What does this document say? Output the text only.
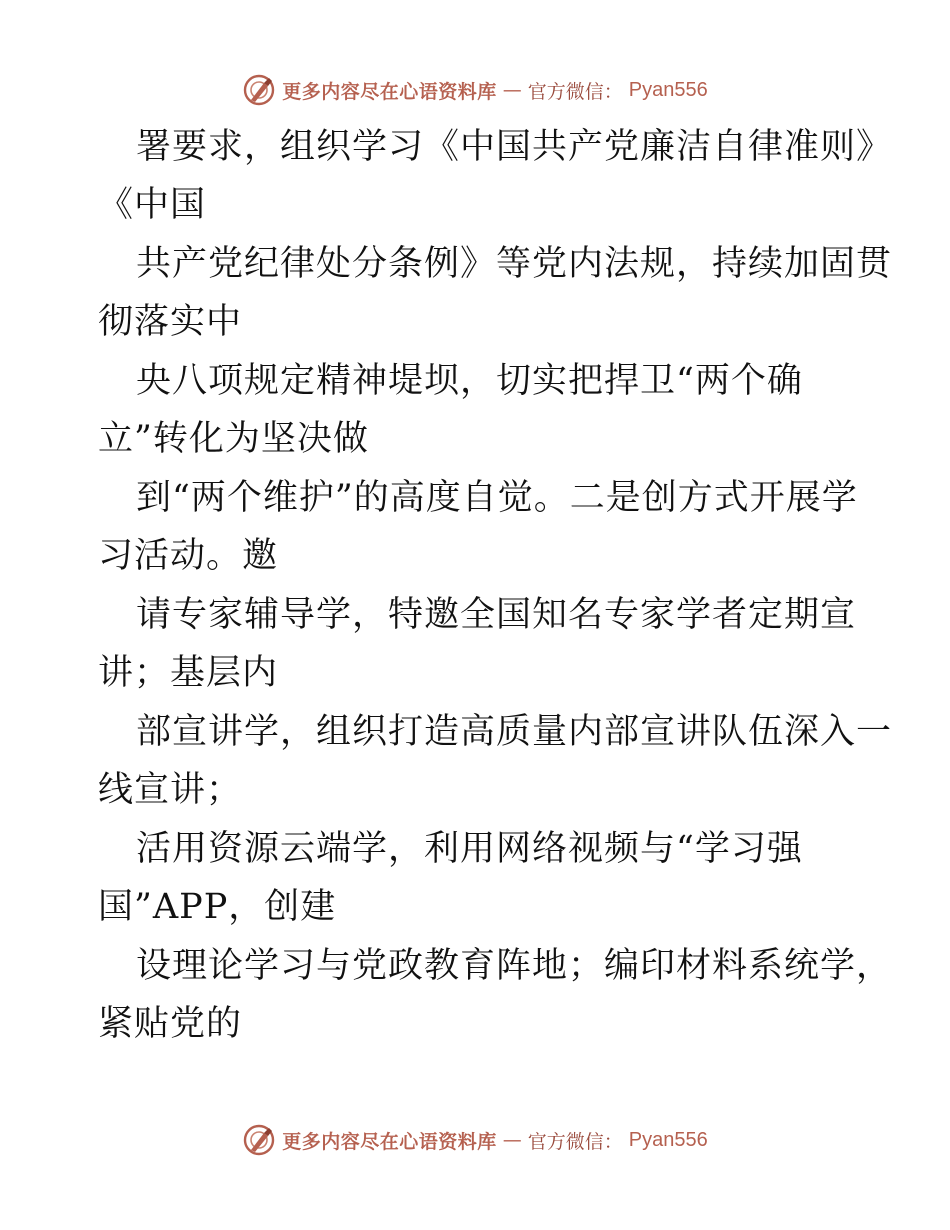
更多内容尽在心语资料库 — 官方微信： Pyan556
署要求，组织学习《中国共产党廉洁自律准则》
《中国
共产党纪律处分条例》等党内法规，持续加固贯
彻落实中
央八项规定精神堤坝，切实把捍卫“两个确
立”转化为坚决做
到“两个维护”的高度自觉。二是创方式开展学
习活动。邀
请专家辅导学，特邀全国知名专家学者定期宣
讲；基层内
部宣讲学，组织打造高质量内部宣讲队伍深入一
线宣讲；
活用资源云端学，利用网络视频与“学习强
国”APP，创建
设理论学习与党政教育阵地；编印材料系统学，
紧贴党的
更多内容尽在心语资料库 — 官方微信： Pyan556
